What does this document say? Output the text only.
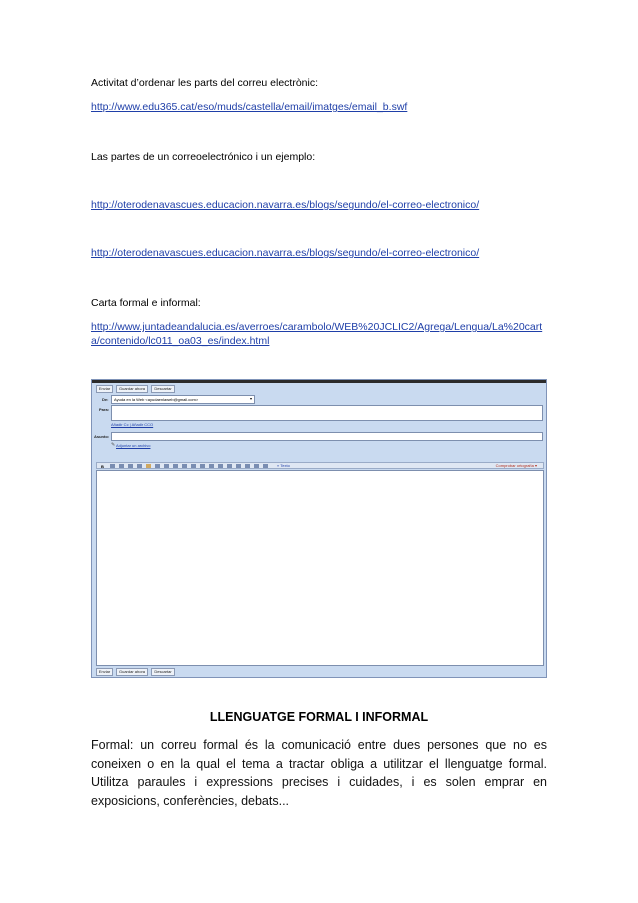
Activitat d’ordenar les parts del correu electrònic:
http://www.edu365.cat/eso/muds/castella/email/imatges/email_b.swf
Las partes de un correoelectrónico i un ejemplo:
http://oterodenavascues.educacion.navarra.es/blogs/segundo/el-correo-electronico/
http://oterodenavascues.educacion.navarra.es/blogs/segundo/el-correo-electronico/
Carta formal e informal:
http://www.juntadeandalucia.es/averroes/carambolo/WEB%20JCLIC2/Agrega/Lengua/La%20carta/contenido/lc011_oa03_es/index.html
Enviar	Guardar ahora	Descartar
De: Ayuda en la Web <ayudaenlaweb@gmail.com>	▾
Para:
Añadir Cc | Añadir CCO
Asunto:
Adjuntar un archivo
✎
B	« Texto	Comprobar ortografía ▾
Enviar	Guardar ahora	Descartar
LLENGUATGE FORMAL I INFORMAL
Formal: un correu formal és la comunicació entre dues persones que no es coneixen o en la qual el tema a tractar obliga a utilitzar el llenguatge formal. Utilitza paraules i expressions precises i cuidades, i es solen emprar en exposicions, conferències, debats...
